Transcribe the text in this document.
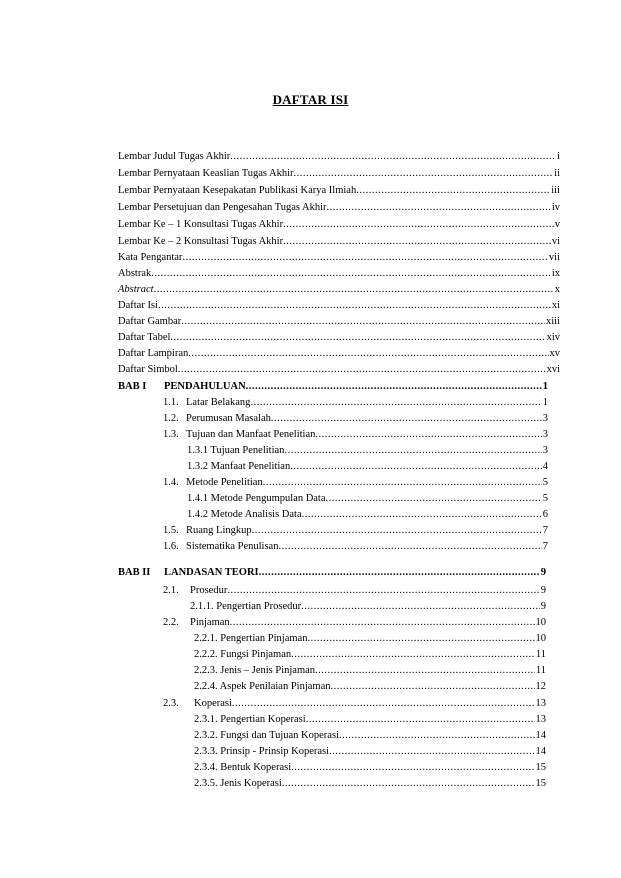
DAFTAR ISI
Lembar Judul Tugas Akhir .....	i
Lembar Pernyataan Keaslian Tugas Akhir .....	ii
Lembar Pernyataan Kesepakatan Publikasi Karya Ilmiah .....	iii
Lembar Persetujuan dan Pengesahan Tugas Akhir .....	iv
Lembar Ke – 1 Konsultasi Tugas Akhir .....	v
Lembar Ke – 2 Konsultasi Tugas Akhir .....	vi
Kata Pengantar .....	vii
Abstrak .....	ix
Abstract .....	x
Daftar Isi .....	xi
Daftar Gambar .....	xiii
Daftar Tabel .....	xiv
Daftar Lampiran .....	xv
Daftar Simbol .....	xvi
BAB I	PENDAHULUAN .....	1
1.1. Latar Belakang .....	1
1.2. Perumusan Masalah .....	3
1.3. Tujuan dan Manfaat Penelitian .....	3
1.3.1 Tujuan Penelitian .....	3
1.3.2 Manfaat Penelitian .....	4
1.4. Metode Penelitian .....	5
1.4.1 Metode Pengumpulan Data .....	5
1.4.2 Metode Analisis Data .....	6
1.5. Ruang Lingkup .....	7
1.6. Sistematika Penulisan .....	7
BAB II	LANDASAN TEORI .....	9
2.1.	Prosedur .....	9
2.1.1. Pengertian Prosedur .....	9
2.2.	Pinjaman .....	10
2.2.1. Pengertian Pinjaman .....	10
2.2.2. Fungsi Pinjaman .....	11
2.2.3. Jenis – Jenis Pinjaman .....	11
2.2.4. Aspek Penilaian Pinjaman .....	12
2.3.	Koperasi .....	13
2.3.1. Pengertian Koperasi .....	13
2.3.2. Fungsi dan Tujuan Koperasi .....	14
2.3.3. Prinsip - Prinsip Koperasi .....	14
2.3.4. Bentuk Koperasi .....	15
2.3.5. Jenis Koperasi .....	15
